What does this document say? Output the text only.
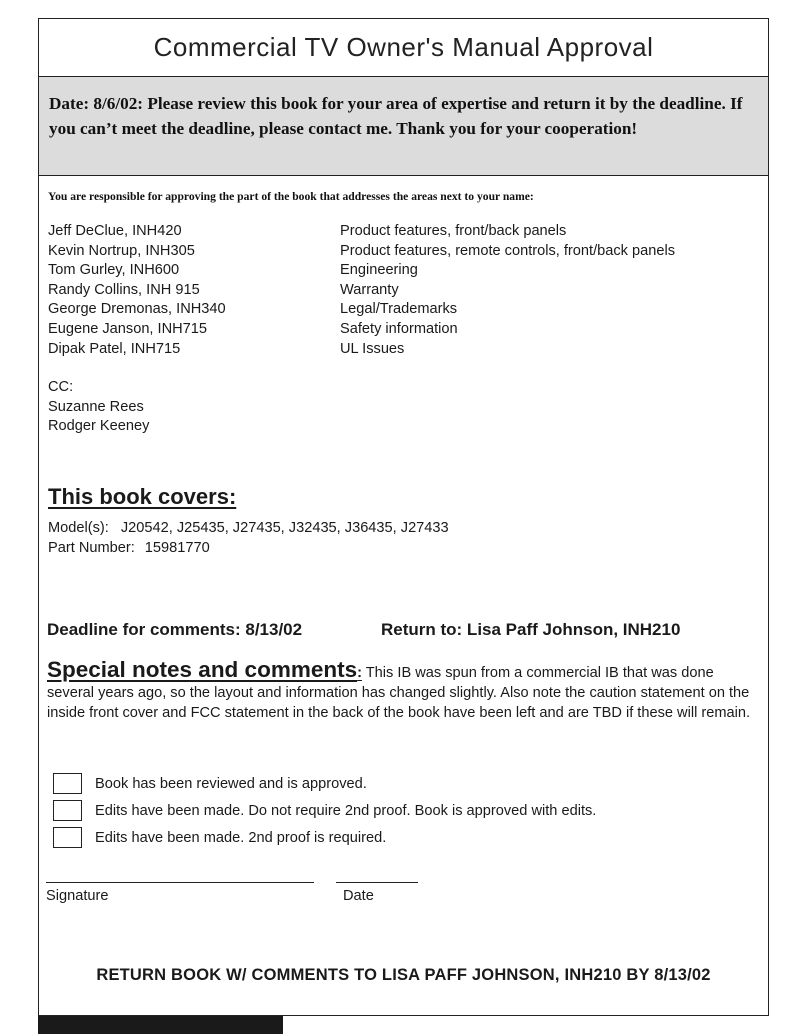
Commercial TV Owner's Manual Approval
Date: 8/6/02: Please review this book for your area of expertise and return it by the deadline. If you can’t meet the deadline, please contact me. Thank you for your cooperation!
You are responsible for approving the part of the book that addresses the areas next to your name:
Jeff DeClue, INH420
Kevin Nortrup, INH305
Tom Gurley, INH600
Randy Collins, INH 915
George Dremonas, INH340
Eugene Janson, INH715
Dipak Patel, INH715
Product features, front/back panels
Product features, remote controls, front/back panels
Engineering
Warranty
Legal/Trademarks
Safety information
UL Issues
CC:
Suzanne Rees
Rodger Keeney
This book covers:
Model(s): J20542, J25435, J27435, J32435, J36435, J27433
Part Number: 15981770
Deadline for comments: 8/13/02	Return to: Lisa Paff Johnson, INH210
Special notes and comments: This IB was spun from a commercial IB that was done several years ago, so the layout and information has changed slightly. Also note the caution statement on the inside front cover and FCC statement in the back of the book have been left and are TBD if these will remain.
Book has been reviewed and is approved.
Edits have been made. Do not require 2nd proof. Book is approved with edits.
Edits have been made. 2nd proof is required.
Signature	Date
RETURN BOOK W/ COMMENTS TO LISA PAFF JOHNSON, INH210 BY 8/13/02
